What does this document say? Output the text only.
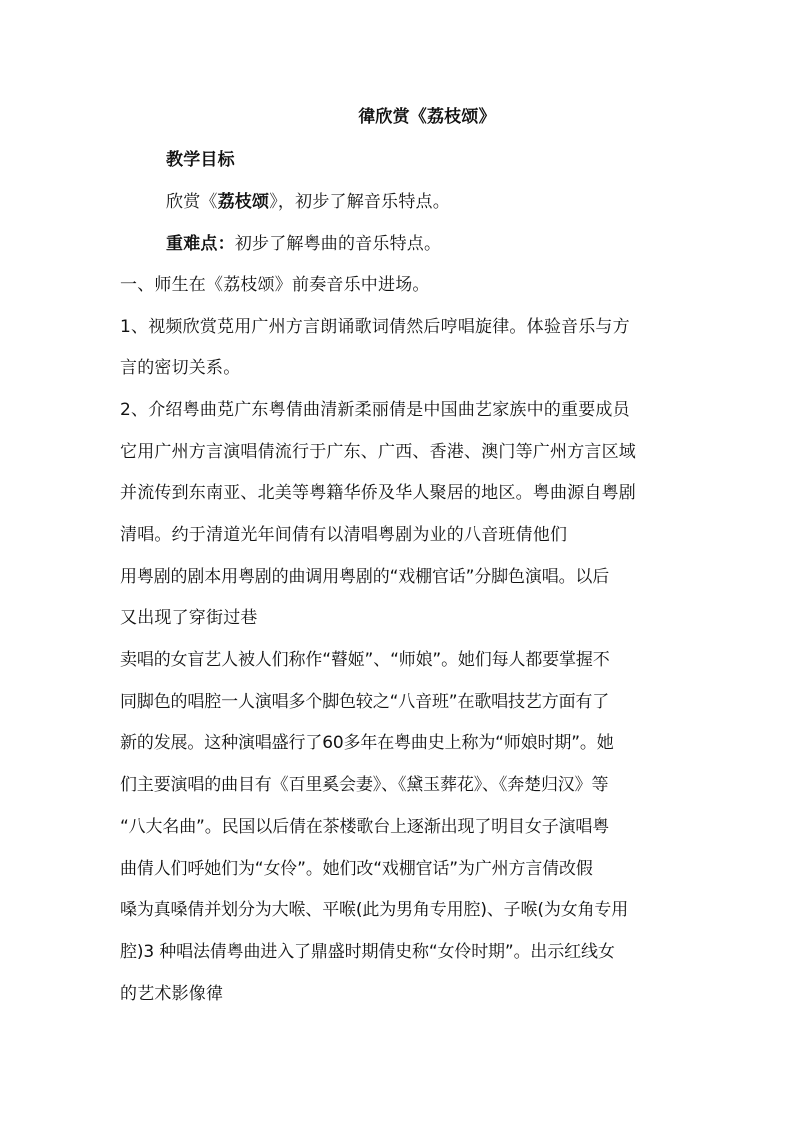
徫欣赏《荔枝颂》
教学目标
欣赏《荔枝颂》，初步了解音乐特点。
重难点：初步了解粤曲的音乐特点。
一、师生在《荔枝颂》前奏音乐中进场。
1、视频欣赏莌用广州方言朗诵歌词倩然后哼唱旋律。体验音乐与方
言的密切关系。
2、介绍粤曲莌广东粤倩曲清新柔丽倩是中国曲艺家族中的重要成员
它用广州方言演唱倩流行于广东、广西、香港、澳门等广州方言区域
并流传到东南亚、北美等粤籍华侨及华人聚居的地区。粤曲源自粤剧
清唱。约于清道光年间倩有以清唱粤剧为业的八音班倩他们
用粤剧的剧本用粤剧的曲调用粤剧的“戏棚官话”分脚色演唱。以后
又出现了穿街过巷
卖唱的女盲艺人被人们称作“瞽姬”、“师娘”。她们每人都要掌握不
同脚色的唱腔一人演唱多个脚色较之“八音班”在歌唱技艺方面有了
新的发展。这种演唱盛行了60多年在粤曲史上称为“师娘时期”。她
们主要演唱的曲目有《百里奚会妻》、《黛玉葬花》、《奔楚归汉》等
“八大名曲”。民国以后倩在茶楼歌台上逐渐出现了明目女子演唱粤
曲倩人们呼她们为“女伶”。她们改“戏棚官话”为广州方言倩改假
嗓为真嗓倩并划分为大喉、平喉(此为男角专用腔)、子喉(为女角专用
腔)3 种唱法倩粤曲进入了鼎盛时期倩史称“女伶时期”。出示红线女
的艺术影像徫
